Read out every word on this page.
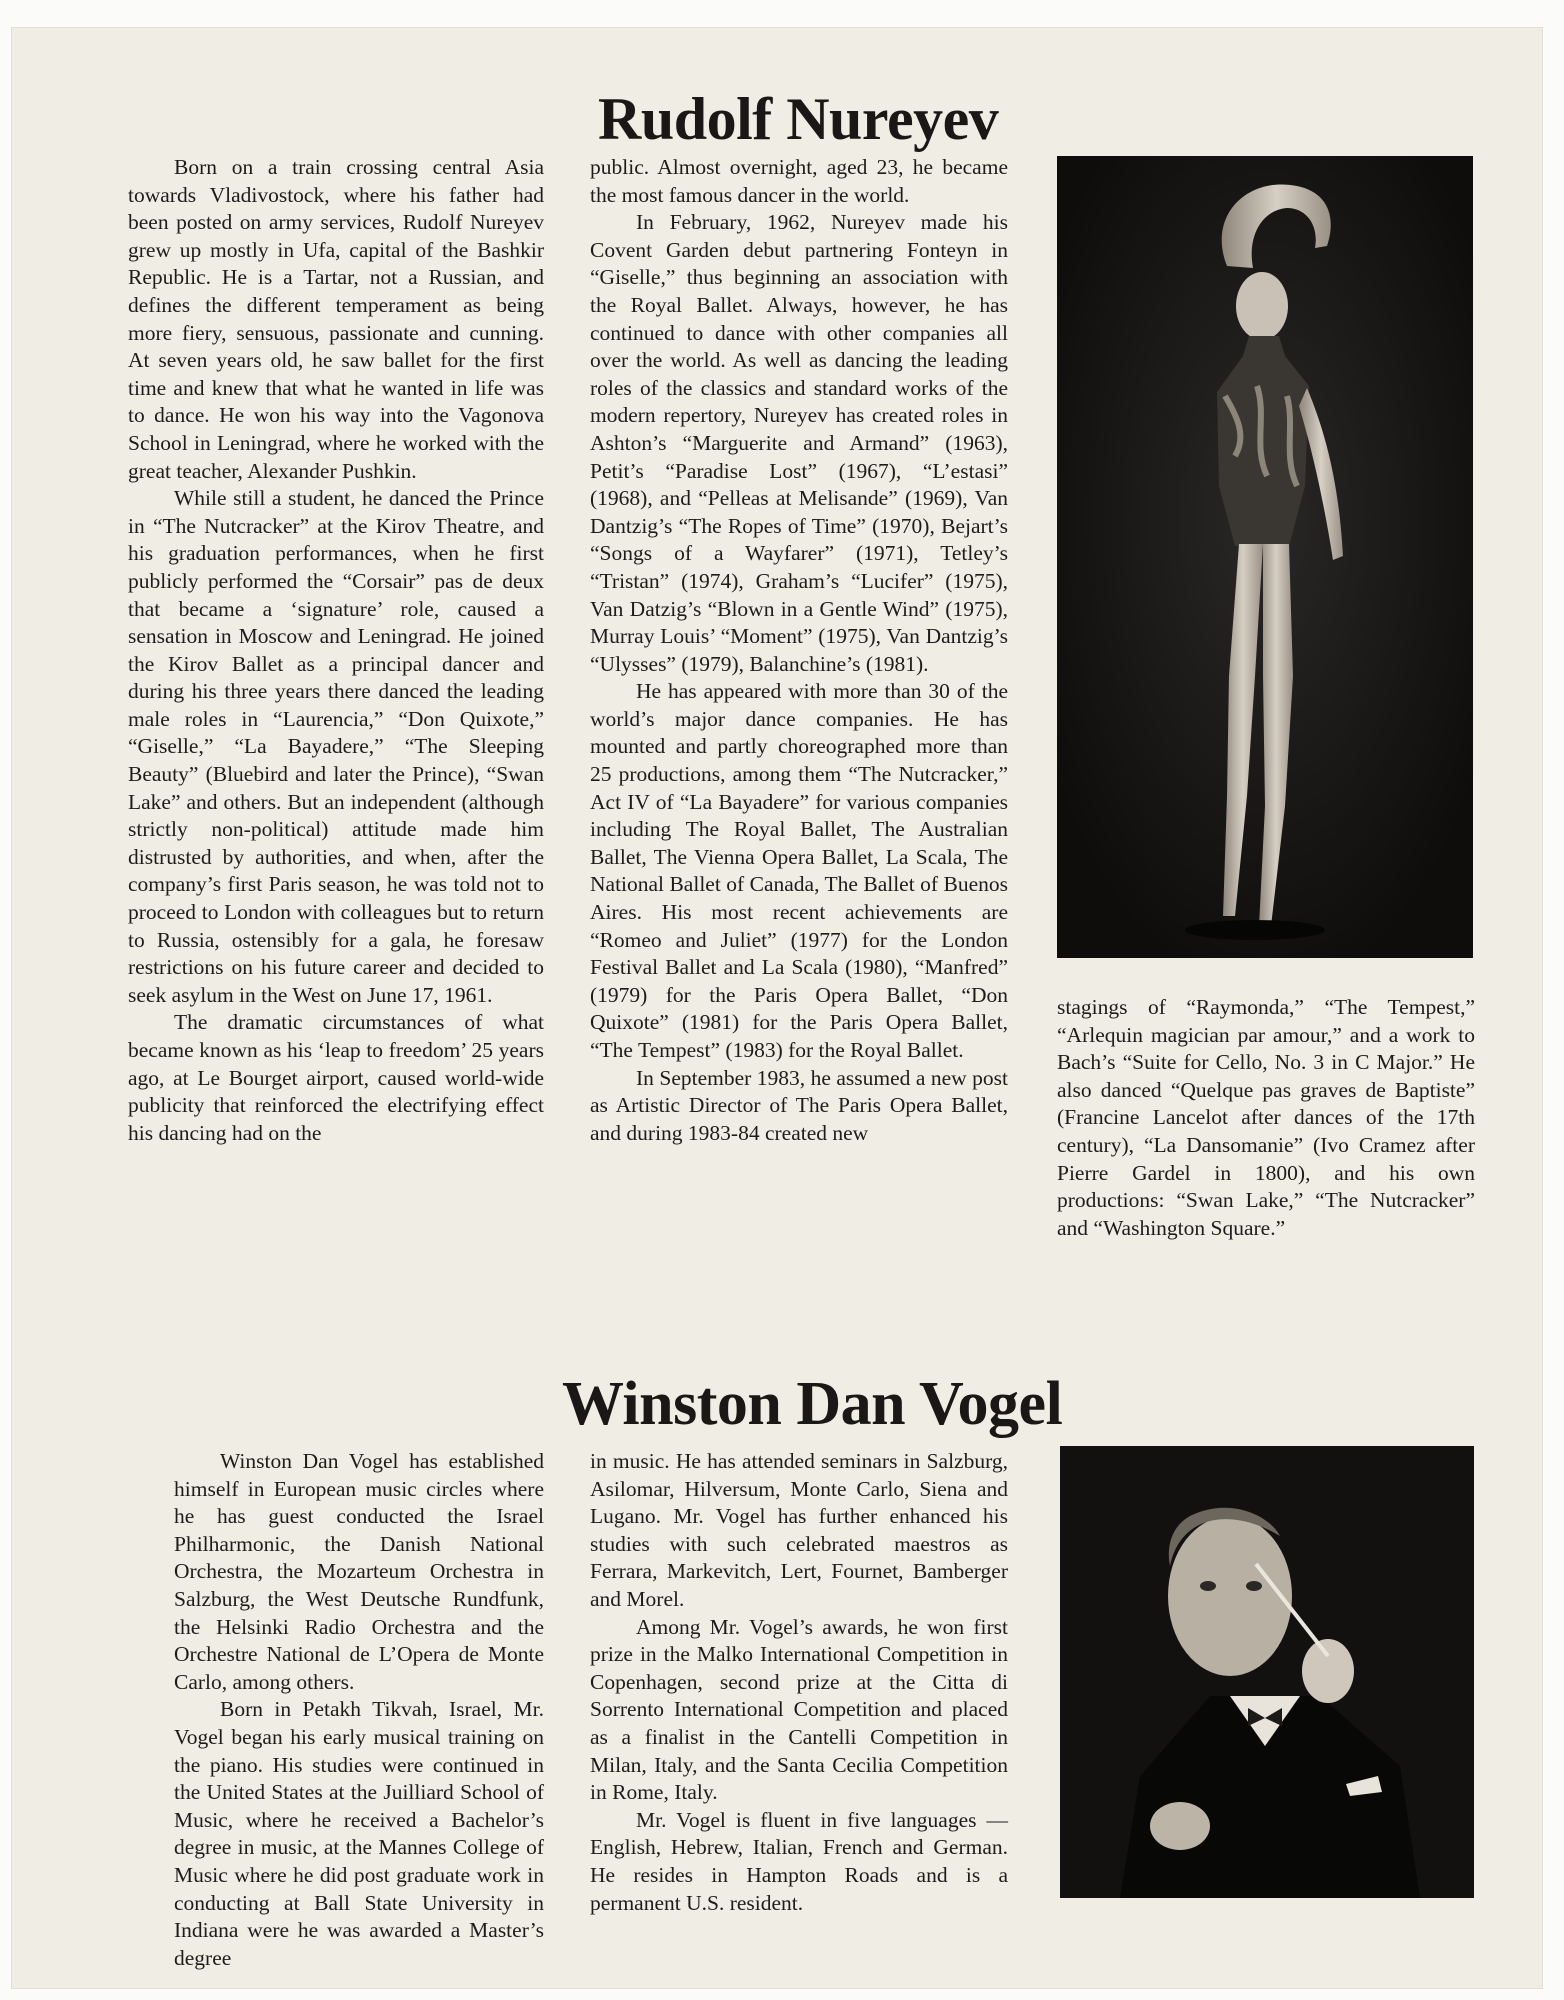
Rudolf Nureyev

Born on a train crossing central Asia towards Vladivostock, where his father had been posted on army services, Rudolf Nureyev grew up mostly in Ufa, capital of the Bashkir Republic. He is a Tartar, not a Russian, and defines the different temperament as being more fiery, sensuous, passionate and cunning. At seven years old, he saw ballet for the first time and knew that what he wanted in life was to dance. He won his way into the Vagonova School in Leningrad, where he worked with the great teacher, Alexander Pushkin.

While still a student, he danced the Prince in “The Nutcracker” at the Kirov Theatre, and his graduation performances, when he first publicly performed the “Corsair” pas de deux that became a ‘signature’ role, caused a sensation in Moscow and Leningrad. He joined the Kirov Ballet as a principal dancer and during his three years there danced the leading male roles in “Laurencia,” “Don Quixote,” “Giselle,” “La Bayadere,” “The Sleeping Beauty” (Bluebird and later the Prince), “Swan Lake” and others. But an independent (although strictly non-political) attitude made him distrusted by authorities, and when, after the company’s first Paris season, he was told not to proceed to London with colleagues but to return to Russia, ostensibly for a gala, he foresaw restrictions on his future career and decided to seek asylum in the West on June 17, 1961.

The dramatic circumstances of what became known as his ‘leap to freedom’ 25 years ago, at Le Bourget airport, caused world-wide publicity that reinforced the electrifying effect his dancing had on the

public. Almost overnight, aged 23, he became the most famous dancer in the world.

In February, 1962, Nureyev made his Covent Garden debut partnering Fonteyn in “Giselle,” thus beginning an association with the Royal Ballet. Always, however, he has continued to dance with other companies all over the world. As well as dancing the leading roles of the classics and standard works of the modern repertory, Nureyev has created roles in Ashton’s “Marguerite and Armand” (1963), Petit’s “Paradise Lost” (1967), “L’estasi” (1968), and “Pelleas at Melisande” (1969), Van Dantzig’s “The Ropes of Time” (1970), Bejart’s “Songs of a Wayfarer” (1971), Tetley’s “Tristan” (1974), Graham’s “Lucifer” (1975), Van Datzig’s “Blown in a Gentle Wind” (1975), Murray Louis’ “Moment” (1975), Van Dantzig’s “Ulysses” (1979), Balanchine’s (1981).

He has appeared with more than 30 of the world’s major dance companies. He has mounted and partly choreographed more than 25 productions, among them “The Nutcracker,” Act IV of “La Bayadere” for various companies including The Royal Ballet, The Australian Ballet, The Vienna Opera Ballet, La Scala, The National Ballet of Canada, The Ballet of Buenos Aires. His most recent achievements are “Romeo and Juliet” (1977) for the London Festival Ballet and La Scala (1980), “Manfred” (1979) for the Paris Opera Ballet, “Don Quixote” (1981) for the Paris Opera Ballet, “The Tempest” (1983) for the Royal Ballet.

In September 1983, he assumed a new post as Artistic Director of The Paris Opera Ballet, and during 1983-84 created new

stagings of “Raymonda,” “The Tempest,” “Arlequin magician par amour,” and a work to Bach’s “Suite for Cello, No. 3 in C Major.” He also danced “Quelque pas graves de Baptiste” (Francine Lancelot after dances of the 17th century), “La Dansomanie” (Ivo Cramez after Pierre Gardel in 1800), and his own productions: “Swan Lake,” “The Nutcracker” and “Washington Square.”

Winston Dan Vogel

Winston Dan Vogel has established himself in European music circles where he has guest conducted the Israel Philharmonic, the Danish National Orchestra, the Mozarteum Orchestra in Salzburg, the West Deutsche Rundfunk, the Helsinki Radio Orchestra and the Orchestre National de L’Opera de Monte Carlo, among others.

Born in Petakh Tikvah, Israel, Mr. Vogel began his early musical training on the piano. His studies were continued in the United States at the Juilliard School of Music, where he received a Bachelor’s degree in music, at the Mannes College of Music where he did post graduate work in conducting at Ball State University in Indiana were he was awarded a Master’s degree

in music. He has attended seminars in Salzburg, Asilomar, Hilversum, Monte Carlo, Siena and Lugano. Mr. Vogel has further enhanced his studies with such celebrated maestros as Ferrara, Markevitch, Lert, Fournet, Bamberger and Morel.

Among Mr. Vogel’s awards, he won first prize in the Malko International Competition in Copenhagen, second prize at the Citta di Sorrento International Competition and placed as a finalist in the Cantelli Competition in Milan, Italy, and the Santa Cecilia Competition in Rome, Italy.

Mr. Vogel is fluent in five languages — English, Hebrew, Italian, French and German. He resides in Hampton Roads and is a permanent U.S. resident.
